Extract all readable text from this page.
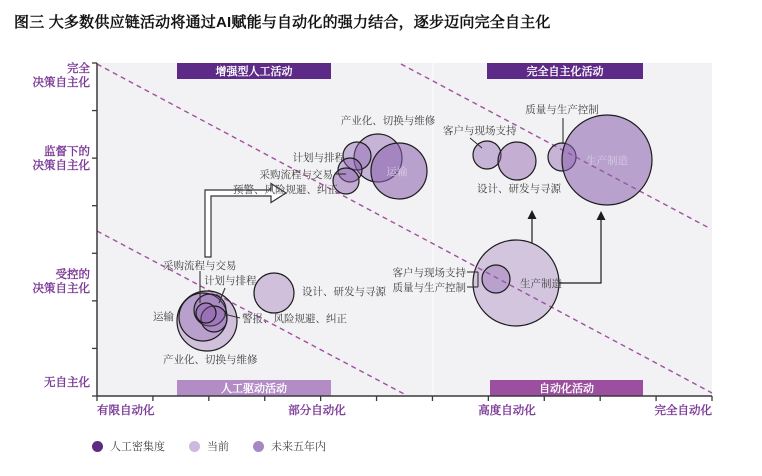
图三 大多数供应链活动将通过AI赋能与自动化的强力结合，逐步迈向完全自主化
增强型人工活动	完全自主化活动
人工驱动活动	自动化活动
产业化、切换与维修
计划与排程
采购流程与交易
预警、风险规避、纠正
运输
质量与生产控制
客户与现场支持
设计、研发与寻源
生产制造
采购流程与交易
计划与排程
运输	警报、风险规避、纠正
产业化、切换与维修
设计、研发与寻源
客户与现场支持
质量与生产控制	生产制造
有限自动化	部分自动化	高度自动化	完全自动化
完全
决策自主化
监督下的
决策自主化
受控的
决策自主化
无自主化
人工密集度	当前	未来五年内
